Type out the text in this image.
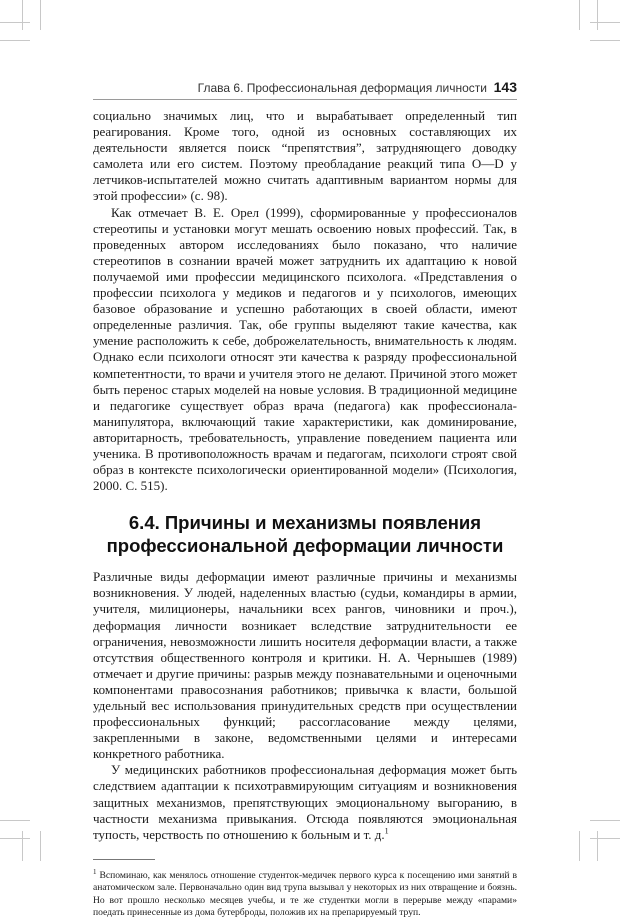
Глава 6. Профессиональная деформация личности 143

социально значимых лиц, что и вырабатывает определенный тип реагирования. Кроме того, одной из основных составляющих их деятельности является поиск “препятствия”, затрудняющего доводку самолета или его систем. Поэтому преобладание реакций типа O—D у летчиков-испытателей можно считать адаптивным вариантом нормы для этой профессии» (с. 98).

Как отмечает В. Е. Орел (1999), сформированные у профессионалов стереотипы и установки могут мешать освоению новых профессий. Так, в проведенных автором исследованиях было показано, что наличие стереотипов в сознании врачей может затруднить их адаптацию к новой получаемой ими профессии медицинского психолога. «Представления о профессии психолога у медиков и педагогов и у психологов, имеющих базовое образование и успешно работающих в своей области, имеют определенные различия. Так, обе группы выделяют такие качества, как умение расположить к себе, доброжелательность, внимательность к людям. Однако если психологи относят эти качества к разряду профессиональной компетентности, то врачи и учителя этого не делают. Причиной этого может быть перенос старых моделей на новые условия. В традиционной медицине и педагогике существует образ врача (педагога) как профессионала-манипулятора, включающий такие характеристики, как доминирование, авторитарность, требовательность, управление поведением пациента или ученика. В противоположность врачам и педагогам, психологи строят свой образ в контексте психологически ориентированной модели» (Психология, 2000. С. 515).

6.4. Причины и механизмы появления
профессиональной деформации личности

Различные виды деформации имеют различные причины и механизмы возникновения. У людей, наделенных властью (судьи, командиры в армии, учителя, милиционеры, начальники всех рангов, чиновники и проч.), деформация личности возникает вследствие затруднительности ее ограничения, невозможности лишить носителя деформации власти, а также отсутствия общественного контроля и критики. Н. А. Чернышев (1989) отмечает и другие причины: разрыв между познавательными и оценочными компонентами правосознания работников; привычка к власти, большой удельный вес использования принудительных средств при осуществлении профессиональных функций; рассогласование между целями, закрепленными в законе, ведомственными целями и интересами конкретного работника.

У медицинских работников профессиональная деформация может быть следствием адаптации к психотравмирующим ситуациям и возникновения защитных механизмов, препятствующих эмоциональному выгоранию, в частности механизма привыкания. Отсюда появляются эмоциональная тупость, черствость по отношению к больным и т. д.$^1$

$^1$ Вспоминаю, как менялось отношение студенток-медичек первого курса к посещению ими занятий в анатомическом зале. Первоначально один вид трупа вызывал у некоторых из них отвращение и боязнь. Но вот прошло несколько месяцев учебы, и те же студентки могли в перерыве между «парами» поедать принесенные из дома бутерброды, положив их на препарируемый труп.
